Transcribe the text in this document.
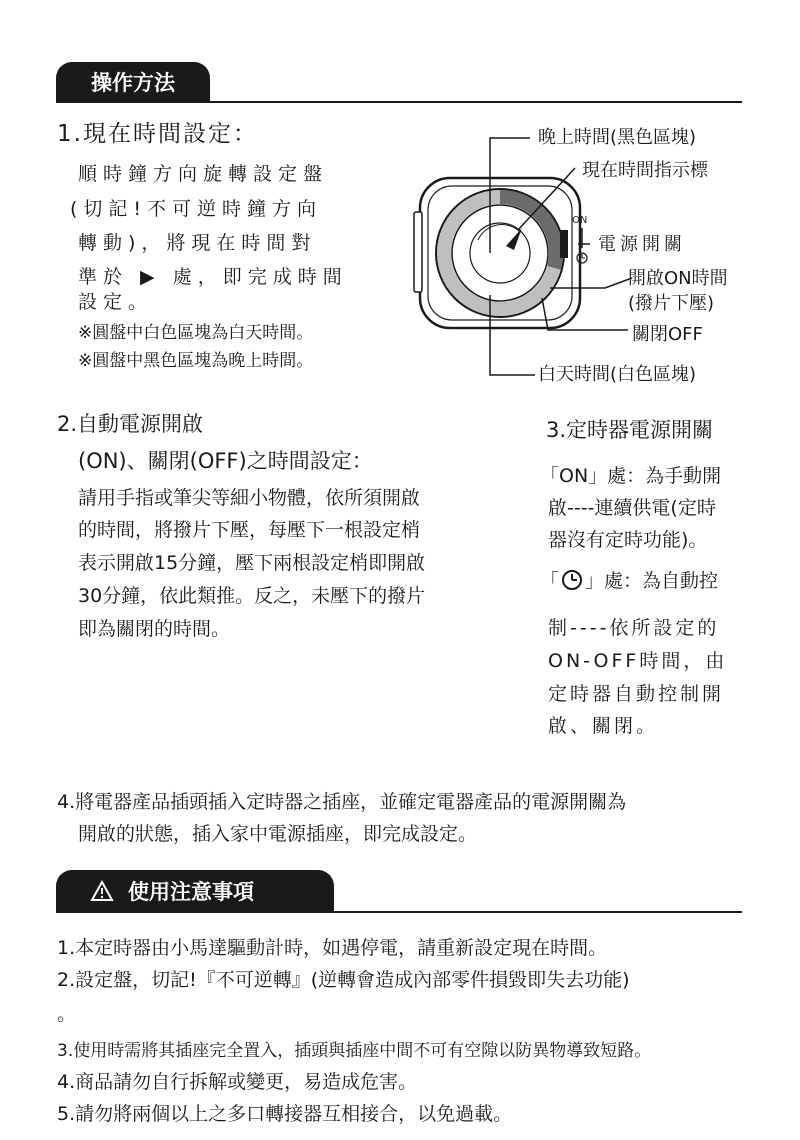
操作方法
1.現在時間設定：
順時鐘方向旋轉設定盤
(切記!不可逆時鐘方向
轉動)，將現在時間對
準於 ▶ 處，即完成時間
設定。
※圓盤中白色區塊為白天時間。
※圓盤中黑色區塊為晚上時間。
ON
晚上時間(黑色區塊)
現在時間指示標
電源開關
開啟ON時間
(撥片下壓)
關閉OFF
白天時間(白色區塊)
2.自動電源開啟
(ON)、關閉(OFF)之時間設定：
請用手指或筆尖等細小物體，依所須開啟
的時間，將撥片下壓，每壓下一根設定梢
表示開啟15分鐘，壓下兩根設定梢即開啟
30分鐘，依此類推。反之，未壓下的撥片
即為關閉的時間。
3.定時器電源開關
「ON」處：為手動開
啟----連續供電(定時
器沒有定時功能)。
「 」處：為自動控
制----依所設定的
ON-OFF時間，由
定時器自動控制開
啟、關閉。
4.將電器產品插頭插入定時器之插座，並確定電器產品的電源開關為
開啟的狀態，插入家中電源插座，即完成設定。
使用注意事項
1.本定時器由小馬達驅動計時，如遇停電，請重新設定現在時間。
2.設定盤，切記!『不可逆轉』(逆轉會造成內部零件損毀即失去功能)
。
3.使用時需將其插座完全置入，插頭與插座中間不可有空隙以防異物導致短路。
4.商品請勿自行拆解或變更，易造成危害。
5.請勿將兩個以上之多口轉接器互相接合，以免過載。
